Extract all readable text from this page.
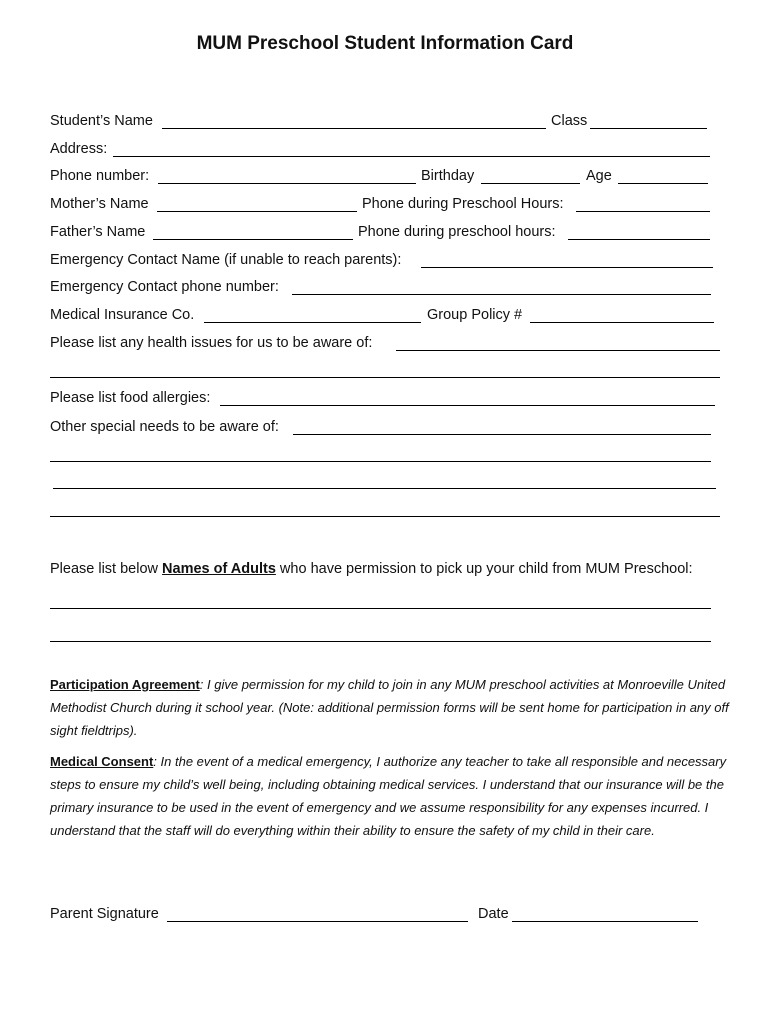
MUM Preschool Student Information Card
Student’s Name	Class
Address:
Phone number:	Birthday	Age
Mother’s Name	Phone during Preschool Hours:
Father’s Name	Phone during preschool hours:
Emergency Contact Name (if unable to reach parents):
Emergency Contact phone number:
Medical Insurance Co.	Group Policy #
Please list any health issues for us to be aware of:
Please list food allergies:
Other special needs to be aware of:
Please list below Names of Adults who have permission to pick up your child from MUM Preschool:
Participation Agreement: I give permission for my child to join in any MUM preschool activities at Monroeville United Methodist Church during it school year. (Note: additional permission forms will be sent home for participation in any off sight fieldtrips).
Medical Consent: In the event of a medical emergency, I authorize any teacher to take all responsible and necessary steps to ensure my child’s well being, including obtaining medical services. I understand that our insurance will be the primary insurance to be used in the event of emergency and we assume responsibility for any expenses incurred. I understand that the staff will do everything within their ability to ensure the safety of my child in their care.
Parent Signature	Date
